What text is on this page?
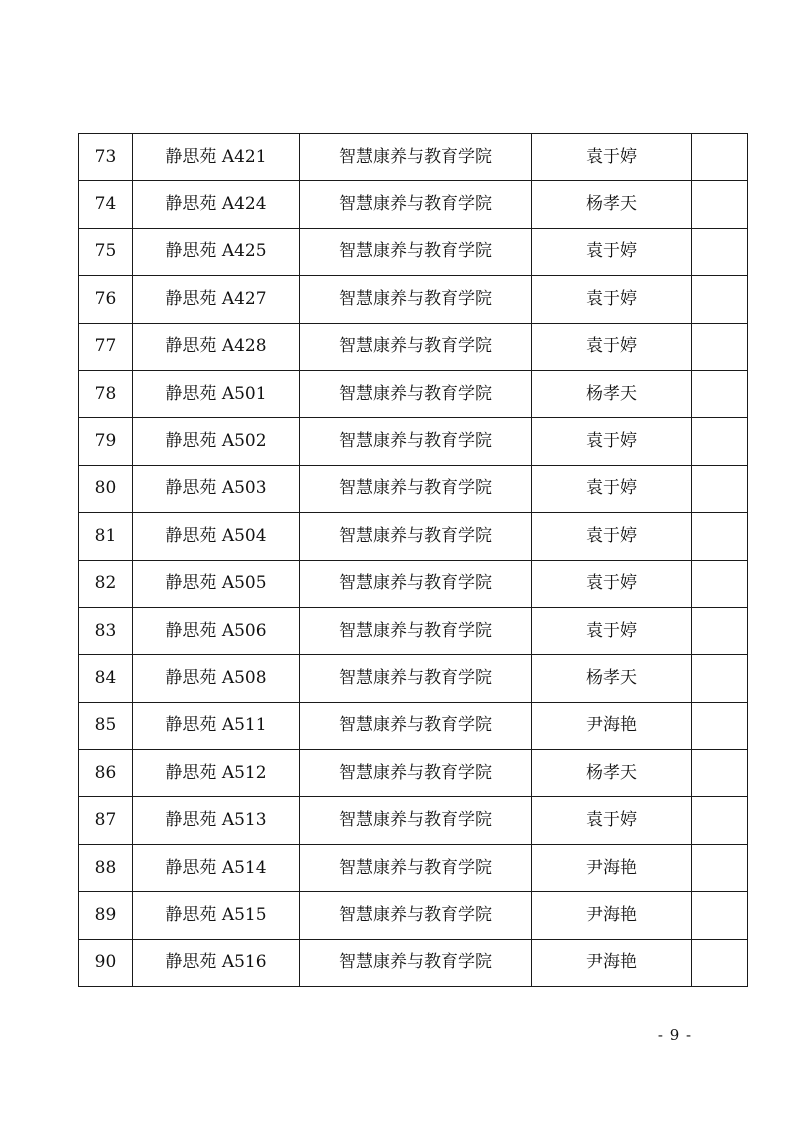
73	静思苑 A421	智慧康养与教育学院	袁于婷	
74	静思苑 A424	智慧康养与教育学院	杨孝天	
75	静思苑 A425	智慧康养与教育学院	袁于婷	
76	静思苑 A427	智慧康养与教育学院	袁于婷	
77	静思苑 A428	智慧康养与教育学院	袁于婷	
78	静思苑 A501	智慧康养与教育学院	杨孝天	
79	静思苑 A502	智慧康养与教育学院	袁于婷	
80	静思苑 A503	智慧康养与教育学院	袁于婷	
81	静思苑 A504	智慧康养与教育学院	袁于婷	
82	静思苑 A505	智慧康养与教育学院	袁于婷	
83	静思苑 A506	智慧康养与教育学院	袁于婷	
84	静思苑 A508	智慧康养与教育学院	杨孝天	
85	静思苑 A511	智慧康养与教育学院	尹海艳	
86	静思苑 A512	智慧康养与教育学院	杨孝天	
87	静思苑 A513	智慧康养与教育学院	袁于婷	
88	静思苑 A514	智慧康养与教育学院	尹海艳	
89	静思苑 A515	智慧康养与教育学院	尹海艳	
90	静思苑 A516	智慧康养与教育学院	尹海艳	
- 9 -
